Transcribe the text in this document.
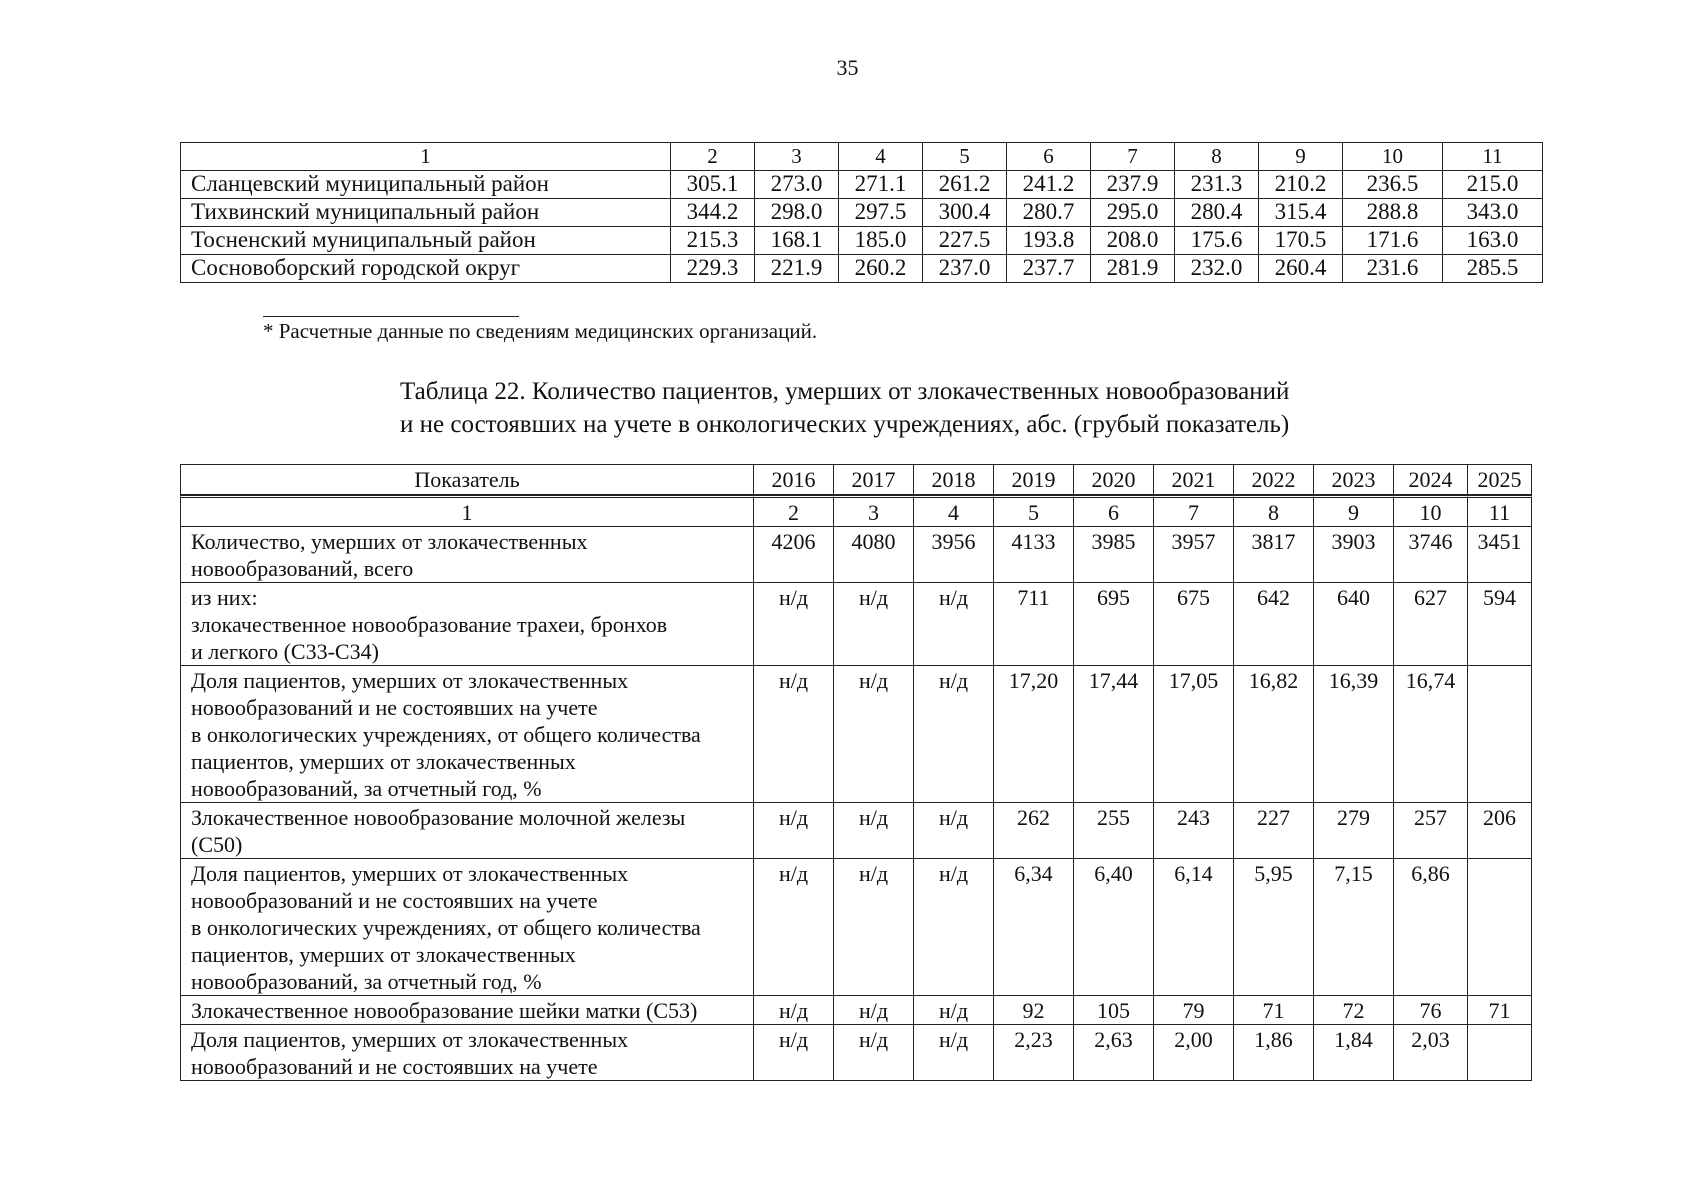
35
1	2	3	4	5	6	7	8	9	10	11
Сланцевский муниципальный район	305.1	273.0	271.1	261.2	241.2	237.9	231.3	210.2	236.5	215.0
Тихвинский муниципальный район	344.2	298.0	297.5	300.4	280.7	295.0	280.4	315.4	288.8	343.0
Тосненский муниципальный район	215.3	168.1	185.0	227.5	193.8	208.0	175.6	170.5	171.6	163.0
Сосновоборский городской округ	229.3	221.9	260.2	237.0	237.7	281.9	232.0	260.4	231.6	285.5
* Расчетные данные по сведениям медицинских организаций.
Таблица 22. Количество пациентов, умерших от злокачественных новообразований
и не состоявших на учете в онкологических учреждениях, абс. (грубый показатель)
Показатель	2016	2017	2018	2019	2020	2021	2022	2023	2024	2025
1	2	3	4	5	6	7	8	9	10	11

Количество, умерших от злокачественных
новообразований, всего	4206	4080	3956	4133	3985	3957	3817	3903	3746	3451

из них:
злокачественное новообразование трахеи, бронхов
и легкого (С33-С34)	н/д	н/д	н/д	711	695	675	642	640	627	594

Доля пациентов, умерших от злокачественных
новообразований и не состоявших на учете
в онкологических учреждениях, от общего количества
пациентов, умерших от злокачественных
новообразований, за отчетный год, %	н/д	н/д	н/д	17,20	17,44	17,05	16,82	16,39	16,74	

Злокачественное новообразование молочной железы
(С50)	н/д	н/д	н/д	262	255	243	227	279	257	206

Доля пациентов, умерших от злокачественных
новообразований и не состоявших на учете
в онкологических учреждениях, от общего количества
пациентов, умерших от злокачественных
новообразований, за отчетный год, %	н/д	н/д	н/д	6,34	6,40	6,14	5,95	7,15	6,86	

Злокачественное новообразование шейки матки (С53)	н/д	н/д	н/д	92	105	79	71	72	76	71

Доля пациентов, умерших от злокачественных
новообразований и не состоявших на учете	н/д	н/д	н/д	2,23	2,63	2,00	1,86	1,84	2,03	
